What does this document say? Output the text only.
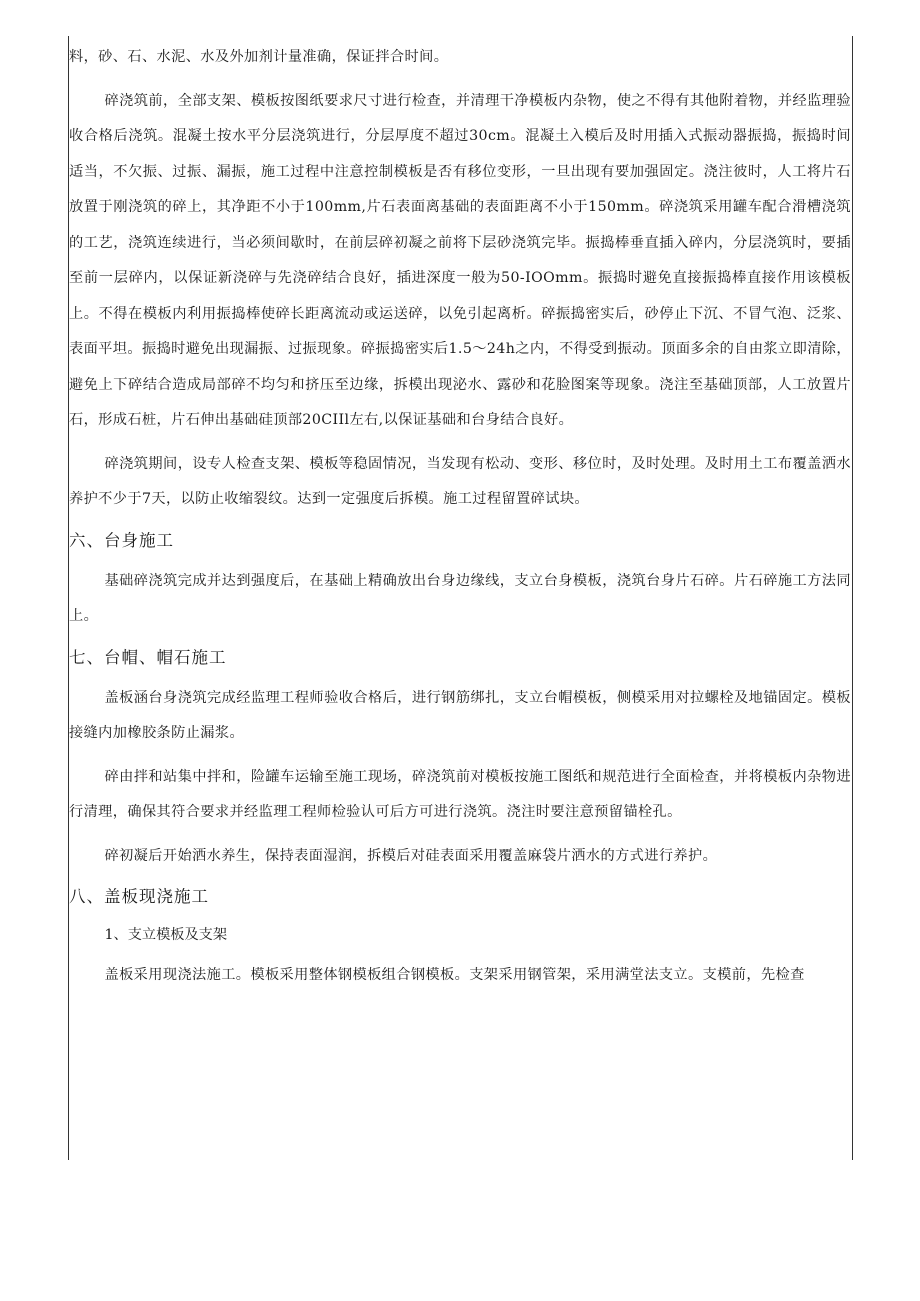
料，砂、石、水泥、水及外加剂计量准确，保证拌合时间。

碎浇筑前，全部支架、模板按图纸要求尺寸进行检查，并清理干净模板内杂物，使之不得有其他附着物，并经监理验收合格后浇筑。混凝土按水平分层浇筑进行，分层厚度不超过30cm。混凝土入模后及时用插入式振动器振捣，振捣时间适当，不欠振、过振、漏振，施工过程中注意控制模板是否有移位变形，一旦出现有要加强固定。浇注彼时，人工将片石放置于刚浇筑的碎上，其净距不小于100mm,片石表面离基础的表面距离不小于150mm。碎浇筑采用罐车配合滑槽浇筑的工艺，浇筑连续进行，当必须间歇时，在前层碎初凝之前将下层砂浇筑完毕。振捣棒垂直插入碎内，分层浇筑时，要插至前一层碎内，以保证新浇碎与先浇碎结合良好，插进深度一般为50-IOOmm。振捣时避免直接振捣棒直接作用该模板上。不得在模板内利用振捣棒使碎长距离流动或运送碎，以免引起离析。碎振捣密实后，砂停止下沉、不冒气泡、泛浆、表面平坦。振捣时避免出现漏振、过振现象。碎振捣密实后1.5〜24h之内，不得受到振动。顶面多余的自由浆立即清除，避免上下碎结合造成局部碎不均匀和挤压至边缘，拆模出现泌水、露砂和花脸图案等现象。浇注至基础顶部，人工放置片石，形成石桩，片石伸出基础硅顶部20CIIl左右,以保证基础和台身结合良好。

碎浇筑期间，设专人检查支架、模板等稳固情况，当发现有松动、变形、移位时，及时处理。及时用土工布覆盖洒水养护不少于7天，以防止收缩裂纹。达到一定强度后拆模。施工过程留置碎试块。

六、台身施工

基础碎浇筑完成并达到强度后，在基础上精确放出台身边缘线，支立台身模板，浇筑台身片石碎。片石碎施工方法同上。

七、台帽、帽石施工

盖板涵台身浇筑完成经监理工程师验收合格后，进行钢筋绑扎，支立台帽模板，侧模采用对拉螺栓及地锚固定。模板接缝内加橡胶条防止漏浆。

碎由拌和站集中拌和，险罐车运输至施工现场，碎浇筑前对模板按施工图纸和规范进行全面检查，并将模板内杂物进行清理，确保其符合要求并经监理工程师检验认可后方可进行浇筑。浇注时要注意预留锚栓孔。

碎初凝后开始洒水养生，保持表面湿润，拆模后对硅表面采用覆盖麻袋片洒水的方式进行养护。

八、盖板现浇施工
1、支立模板及支架

盖板采用现浇法施工。模板采用整体钢模板组合钢模板。支架采用钢管架，采用满堂法支立。支模前，先检查
